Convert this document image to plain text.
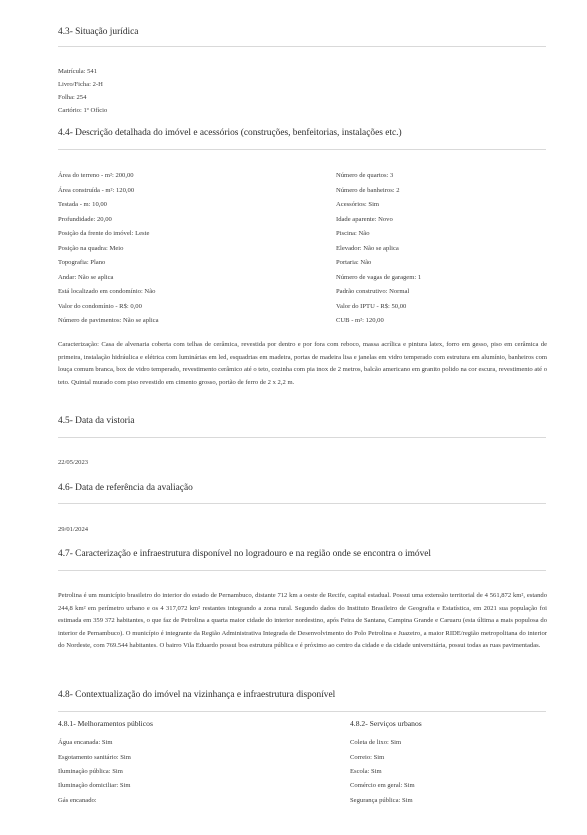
4.3- Situação jurídica
Matrícula: 541
Livro/Ficha: 2-H
Folha: 254
Cartório: 1º Ofício
4.4- Descrição detalhada do imóvel e acessórios (construções, benfeitorias, instalações etc.)
Área do terreno - m²: 200,00
Área construída - m²: 120,00
Testada - m: 10,00
Profundidade: 20,00
Posição da frente do imóvel: Leste
Posição na quadra: Meio
Topografia: Plano
Andar: Não se aplica
Está localizado em condomínio: Não
Valor do condomínio - R$: 0,00
Número de pavimentos: Não se aplica
Número de quartos: 3
Número de banheiros: 2
Acessórios: Sim
Idade aparente: Novo
Piscina: Não
Elevador: Não se aplica
Portaria: Não
Número de vagas de garagem: 1
Padrão construtivo: Normal
Valor do IPTU - R$: 50,00
CUB - m²: 120,00
Caracterização: Casa de alvenaria coberta com telhas de cerâmica, revestida por dentro e por fora com reboco, massa acrílica e pintura latex, forro em gesso, piso em cerâmica de primeira, instalação hidráulica e elétrica com luminárias em led, esquadrias em madeira, portas de madeira lisa e janelas em vidro temperado com estrutura em alumínio, banheiros com louça comum branca, box de vidro temperado, revestimento cerâmico até o teto, cozinha com pia inox de 2 metros, balcão americano em granito polido na cor escura, revestimento até o teto. Quintal murado com piso revestido em cimento grosso, portão de ferro de 2 x 2,2 m.
4.5- Data da vistoria
22/05/2023
4.6- Data de referência da avaliação
29/01/2024
4.7- Caracterização e infraestrutura disponível no logradouro e na região onde se encontra o imóvel
Petrolina é um município brasileiro do interior do estado de Pernambuco, distante 712 km a oeste de Recife, capital estadual. Possui uma extensão territorial de 4 561,872 km², estando 244,8 km² em perímetro urbano e os 4 317,072 km² restantes integrando a zona rural. Segundo dados do Instituto Brasileiro de Geografia e Estatística, em 2021 sua população foi estimada em 359 372 habitantes, o que faz de Petrolina a quarta maior cidade do interior nordestino, após Feira de Santana, Campina Grande e Caruaru (esta última a mais populosa do interior de Pernambuco). O município é integrante da Região Administrativa Integrada de Desenvolvimento do Polo Petrolina e Juazeiro, a maior RIDE/região metropolitana do interior do Nordeste, com 769.544 habitantes. O bairro Vila Eduardo possui boa estrutura pública e é próximo ao centro da cidade e da cidade universitária, possui todas as ruas pavimentadas.
4.8- Contextualização do imóvel na vizinhança e infraestrutura disponível
4.8.1- Melhoramentos públicos	4.8.2- Serviços urbanos
Água encanada: Sim
Esgotamento sanitário: Sim
Iluminação pública: Sim
Iluminação domiciliar: Sim
Gás encanado:
Coleta de lixo: Sim
Correio: Sim
Escola: Sim
Comércio em geral: Sim
Segurança pública: Sim
